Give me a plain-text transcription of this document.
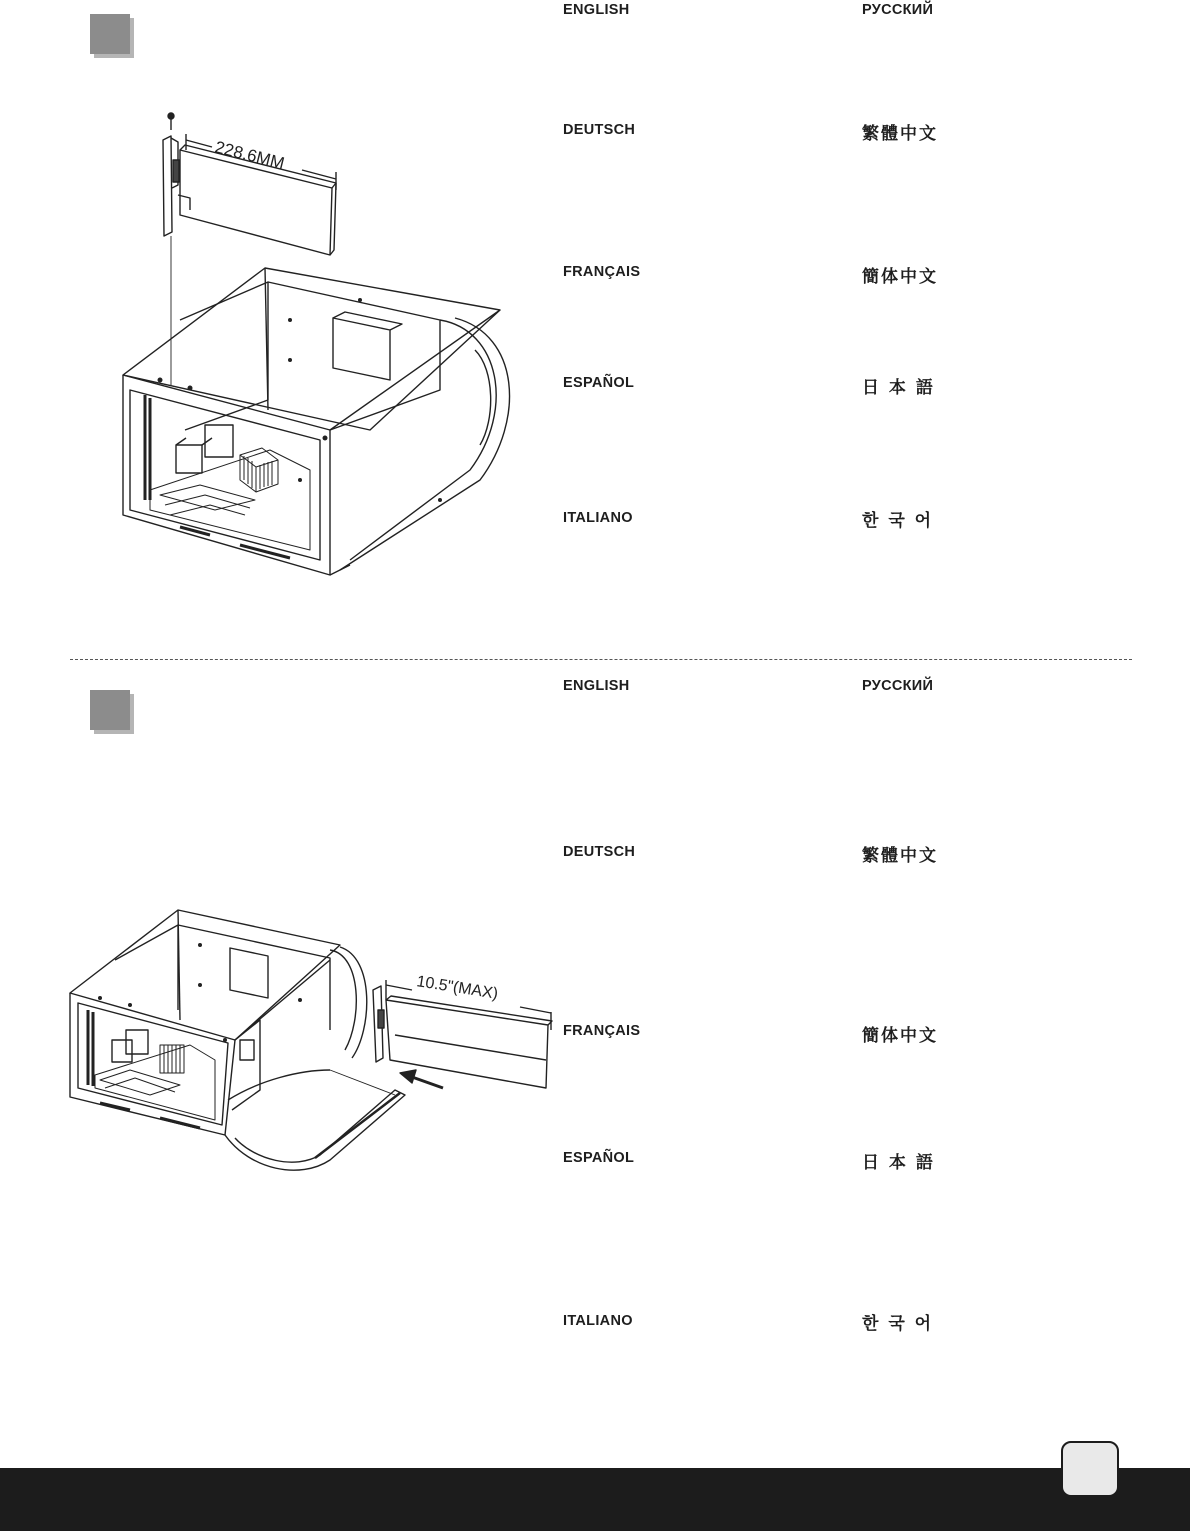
228.6MM
ENGLISH
DEUTSCH
FRANÇAIS
ESPAÑOL
ITALIANO
РУССКИЙ
繁體中文
簡体中文
日 本 語
한 국 어
10.5"(MAX)
ENGLISH
DEUTSCH
FRANÇAIS
ESPAÑOL
ITALIANO
РУССКИЙ
繁體中文
簡体中文
日 本 語
한 국 어
